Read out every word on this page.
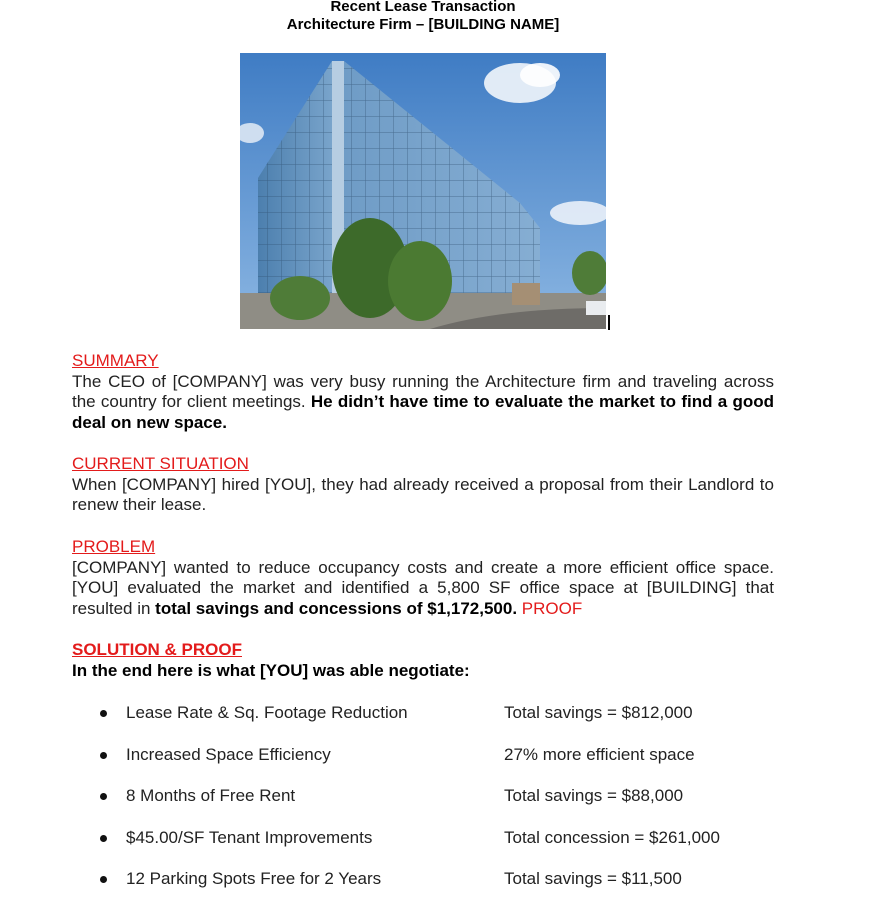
Recent Lease Transaction
Architecture Firm – [BUILDING NAME]
SUMMARY
The CEO of [COMPANY] was very busy running the Architecture firm and traveling across the country for client meetings. He didn’t have time to evaluate the market to find a good deal on new space.
CURRENT SITUATION
When [COMPANY] hired [YOU], they had already received a proposal from their Landlord to renew their lease.
PROBLEM
[COMPANY] wanted to reduce occupancy costs and create a more efficient office space. [YOU] evaluated the market and identified a 5,800 SF office space at [BUILDING] that resulted in total savings and concessions of $1,172,500. PROOF
SOLUTION & PROOF
In the end here is what [YOU] was able negotiate:
Lease Rate & Sq. Footage Reduction	Total savings = $812,000
Increased Space Efficiency	27% more efficient space
8 Months of Free Rent	Total savings = $88,000
$45.00/SF Tenant Improvements	Total concession = $261,000
12 Parking Spots Free for 2 Years	Total savings = $11,500
